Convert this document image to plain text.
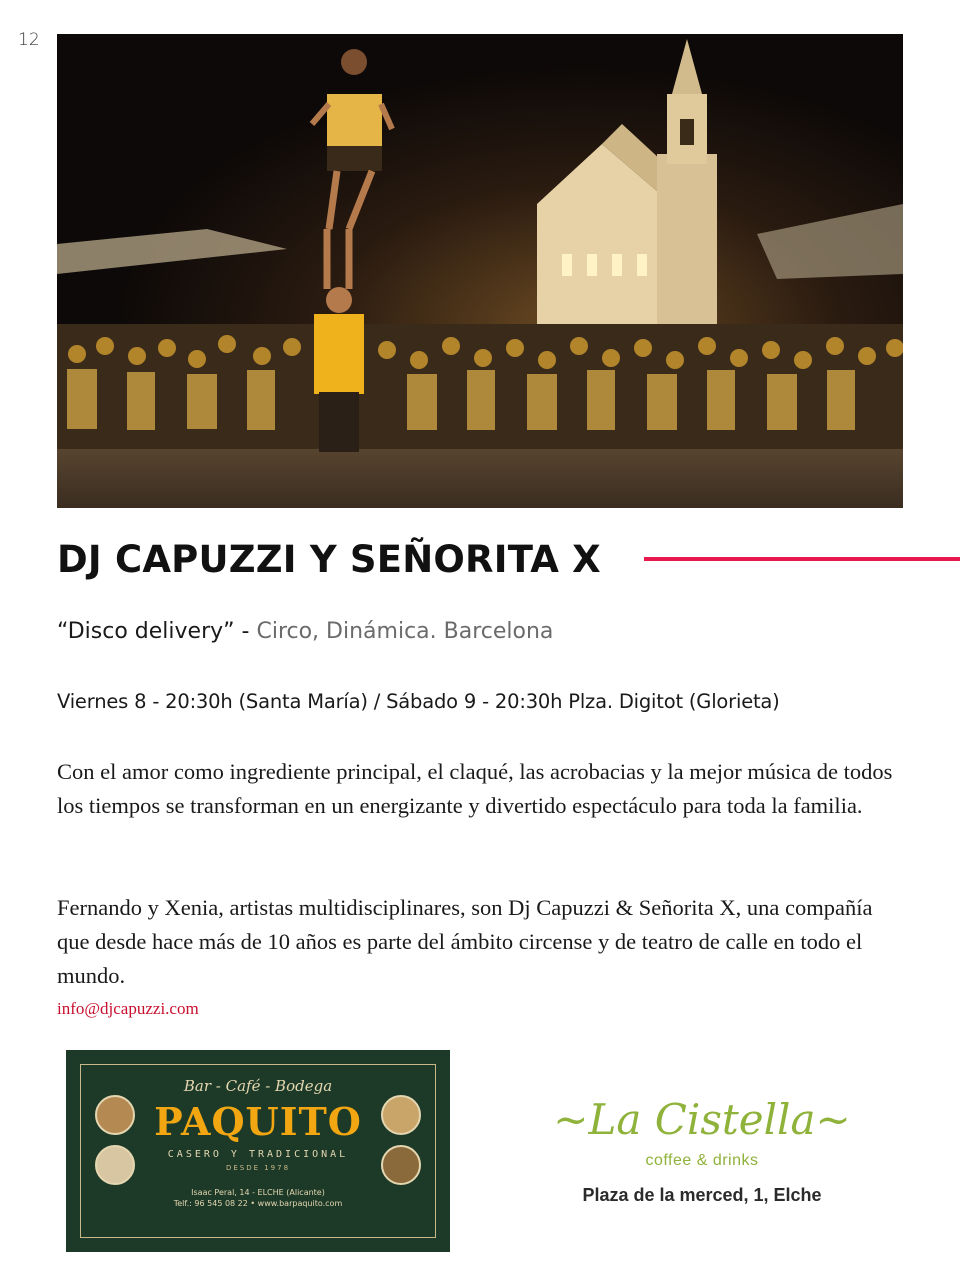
12
DJ CAPUZZI Y SEÑORITA X
“Disco delivery” - Circo, Dinámica. Barcelona
Viernes 8 - 20:30h (Santa María) / Sábado 9 - 20:30h Plza. Digitot (Glorieta)

Con el amor como ingrediente principal, el claqué, las acrobacias y la mejor música de todos los tiempos se transforman en un energizante y divertido espectáculo para toda la familia.

Fernando y Xenia, artistas multidisciplinares, son Dj Capuzzi & Señorita X, una compañía que desde hace más de 10 años es parte del ámbito circense y de teatro de calle en todo el mundo.

info@djcapuzzi.com
Bar - Café - Bodega
PAQUITO
CASERO Y TRADICIONAL
DESDE 1978
Isaac Peral, 14 - ELCHE (Alicante)
Telf.: 96 545 08 22 • www.barpaquito.com
~La Cistella~
coffee & drinks
Plaza de la merced, 1, Elche
